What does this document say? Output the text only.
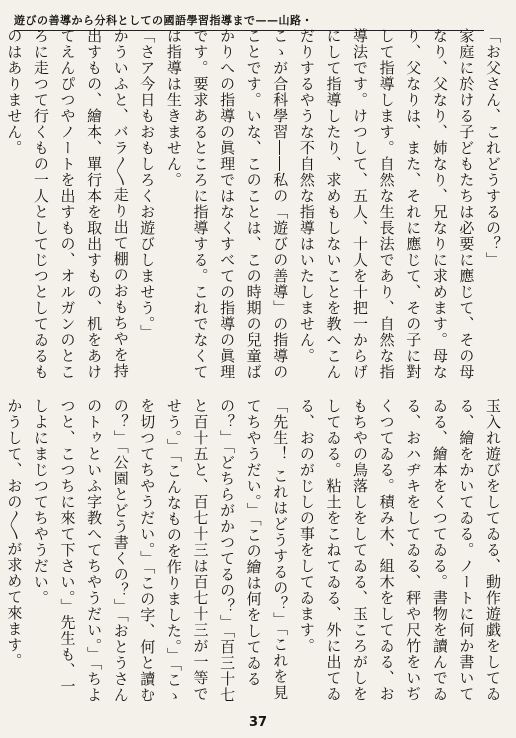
遊びの善導から分科としての國語學習指導まで——山路・

「お父さん、これどうするの？」

家庭に於ける子どもたちは必要に應じて、その母なり、父なり、姉なり、兄なりに求めます。母なり、父なりは、また、それに應じて、その子に對して指導します。自然な生長法であり、自然な指導法です。けつして、五人、十人を十把一からげにして指導したり、求めもしないことを教へこんだりするやうな不自然な指導はいたしません。

こゝが合科學習――私の「遊びの善導」の指導のことです。いな、このことは、この時期の兒童ばかりへの指導の眞理ではなくすべての指導の眞理です。要求あるところに指導する。これでなくては指導は生きません。

「さア今日もおもしろくお遊びしませう。」

かういふと、バラ〳〵走り出て棚のおもちやを持出すもの、繪本、單行本を取出すもの、机をあけてえんぴつやノートを出すもの、オルガンのところに走つて行くもの一人としてじつとしてゐるものはありません。

玉入れ遊びをしてゐる、動作遊戯をしてゐる、繪をかいてゐる。ノートに何か書いてゐる、繪本をくつてゐる。書物を讀んでゐる、おハヂキをしてゐる、秤や尺竹をいぢくつてゐる。積み木、組木をしてゐる、おもちやの鳥落しをしてゐる、玉ころがしをしてゐる。粘土をこねてゐる、外に出てゐる、おのがじしの事をしてゐます。

「先生！ これはどうするの？」「これを見てちやうだい。」「この繪は何をしてゐるの？」「どちらがかつてるの？」「百三十七と百十五と、百七十三は百七十三が一等でせう。」「こんなものを作りました。」「こゝを切つてちやうだい。」「この字、何と讀むの？」「公園とどう書くの？」「おとうさんのトゥといふ字教へてちやうだい。」「ちよつと、こつちに來て下さい。」先生も、一しよにまじつてちやうだい。

かうして、おの〳〵が求めて來ます。

37
